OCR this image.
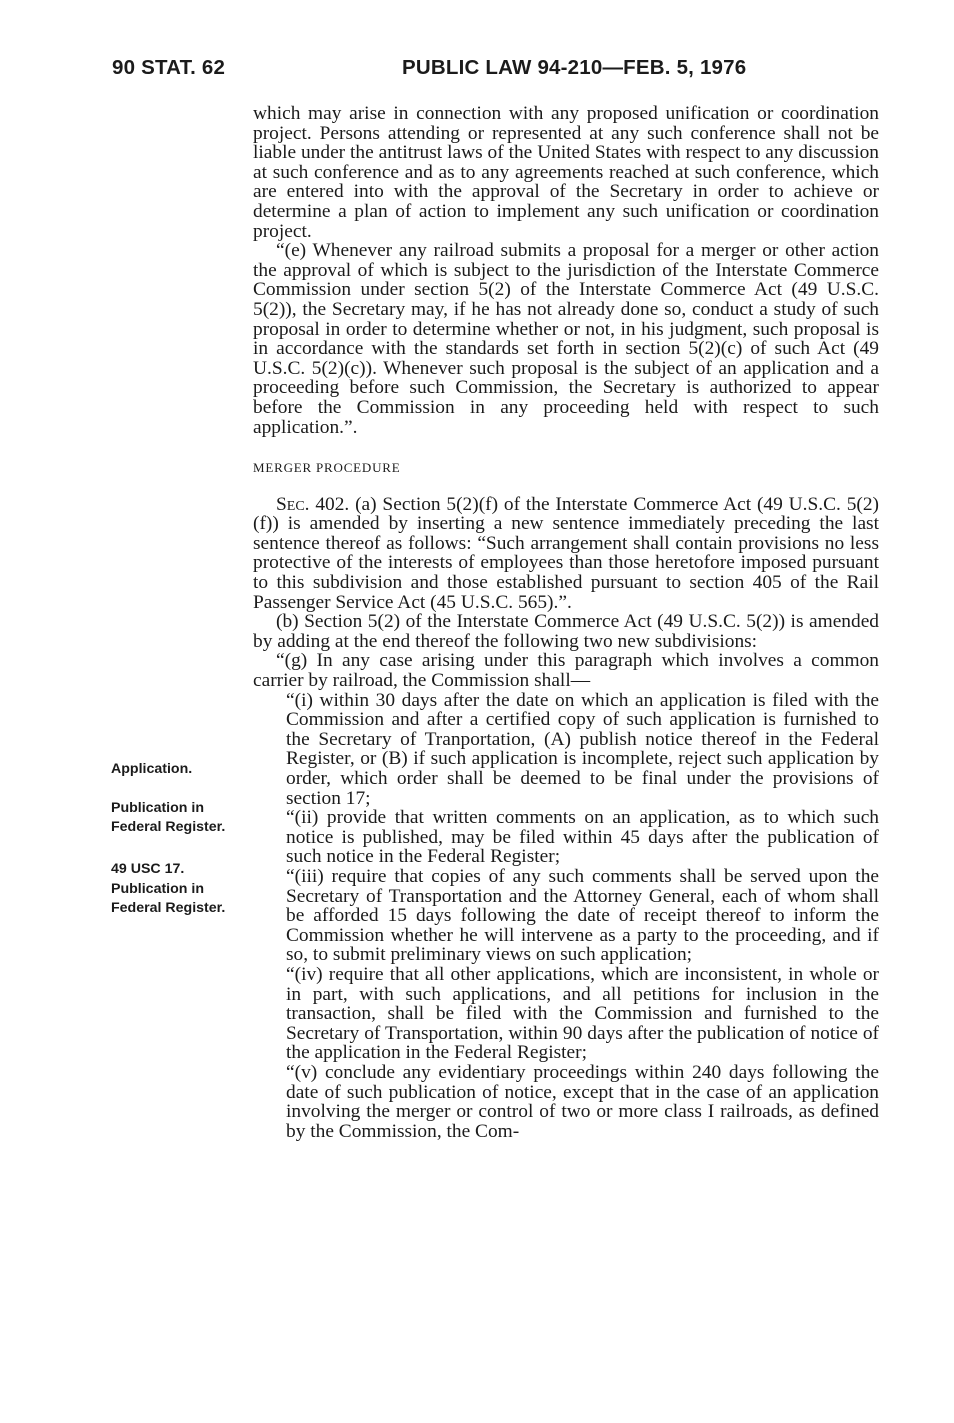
90 STAT. 62	PUBLIC LAW 94-210—FEB. 5, 1976
Application.
Publication in
Federal Register.
49 USC 17.
Publication in
Federal Register.

which may arise in connection with any proposed unification or coordination project. Persons attending or represented at any such conference shall not be liable under the antitrust laws of the United States with respect to any discussion at such conference and as to any agreements reached at such conference, which are entered into with the approval of the Secretary in order to achieve or determine a plan of action to implement any such unification or coordination project.

“(e) Whenever any railroad submits a proposal for a merger or other action the approval of which is subject to the jurisdiction of the Interstate Commerce Commission under section 5(2) of the Interstate Commerce Act (49 U.S.C. 5(2)), the Secretary may, if he has not already done so, conduct a study of such proposal in order to determine whether or not, in his judgment, such proposal is in accordance with the standards set forth in section 5(2)(c) of such Act (49 U.S.C. 5(2)(c)). Whenever such proposal is the subject of an application and a proceeding before such Commission, the Secretary is authorized to appear before the Commission in any proceeding held with respect to such application.”.

MERGER PROCEDURE

Sec. 402. (a) Section 5(2)(f) of the Interstate Commerce Act (49 U.S.C. 5(2)(f)) is amended by inserting a new sentence immediately preceding the last sentence thereof as follows: “Such arrangement shall contain provisions no less protective of the interests of employees than those heretofore imposed pursuant to this subdivision and those established pursuant to section 405 of the Rail Passenger Service Act (45 U.S.C. 565).”.

(b) Section 5(2) of the Interstate Commerce Act (49 U.S.C. 5(2)) is amended by adding at the end thereof the following two new subdivisions:

“(g) In any case arising under this paragraph which involves a common carrier by railroad, the Commission shall—

“(i) within 30 days after the date on which an application is filed with the Commission and after a certified copy of such application is furnished to the Secretary of Tranportation, (A) publish notice thereof in the Federal Register, or (B) if such application is incomplete, reject such application by order, which order shall be deemed to be final under the provisions of section 17;

“(ii) provide that written comments on an application, as to which such notice is published, may be filed within 45 days after the publication of such notice in the Federal Register;

“(iii) require that copies of any such comments shall be served upon the Secretary of Transportation and the Attorney General, each of whom shall be afforded 15 days following the date of receipt thereof to inform the Commission whether he will intervene as a party to the proceeding, and if so, to submit preliminary views on such application;

“(iv) require that all other applications, which are inconsistent, in whole or in part, with such applications, and all petitions for inclusion in the transaction, shall be filed with the Commission and furnished to the Secretary of Transportation, within 90 days after the publication of notice of the application in the Federal Register;

“(v) conclude any evidentiary proceedings within 240 days following the date of such publication of notice, except that in the case of an application involving the merger or control of two or more class I railroads, as defined by the Commission, the Com-
